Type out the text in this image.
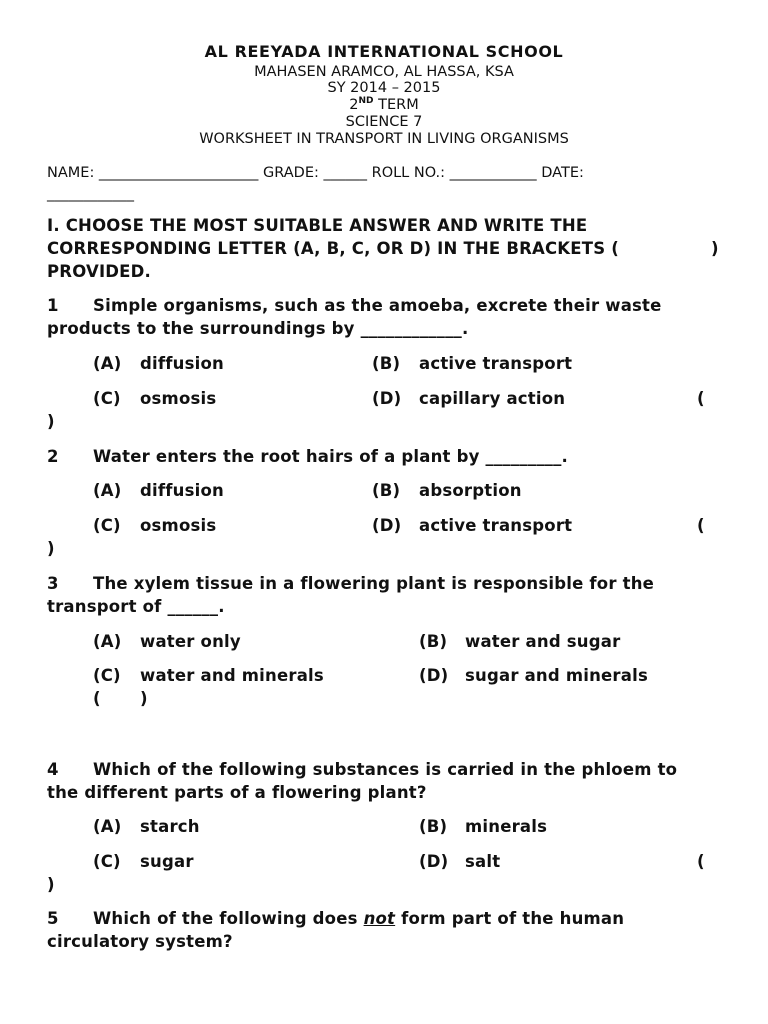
AL REEYADA INTERNATIONAL SCHOOL
MAHASEN ARAMCO, AL HASSA, KSA
SY 2014 – 2015
2ND TERM
SCIENCE 7
WORKSHEET IN TRANSPORT IN LIVING ORGANISMS
NAME: ______________________ GRADE: ______ ROLL NO.: ____________ DATE:
____________
I. CHOOSE THE MOST SUITABLE ANSWER AND WRITE THE
CORRESPONDING LETTER (A, B, C, OR D) IN THE BRACKETS (	)
PROVIDED.
1 Simple organisms, such as the amoeba, excrete their waste
products to the surroundings by ____________.
(A) diffusion	(B) active transport
(C) osmosis	(D) capillary action	(
)
2 Water enters the root hairs of a plant by _________.
(A) diffusion	(B) absorption
(C) osmosis	(D) active transport	(
)
3 The xylem tissue in a flowering plant is responsible for the
transport of ______.
(A) water only	(B) water and sugar
(C) water and minerals	(D) sugar and minerals
( )
4 Which of the following substances is carried in the phloem to
the different parts of a flowering plant?
(A) starch	(B) minerals
(C) sugar	(D) salt	(
)
5 Which of the following does not form part of the human
circulatory system?
